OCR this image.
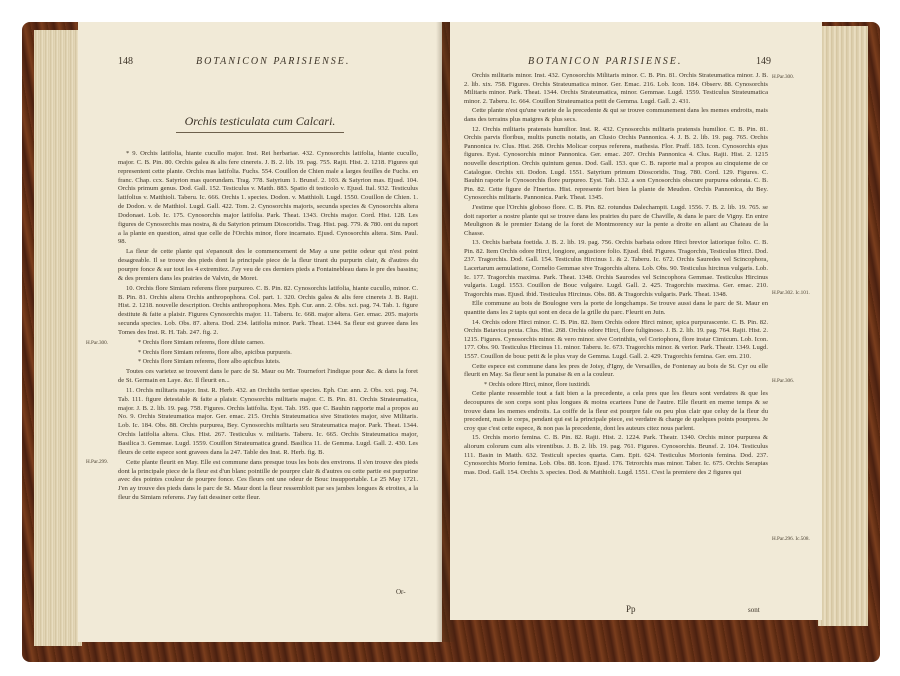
148	BOTANICON PARISIENSE.
Orchis testiculata cum Calcari.

* 9. Orchis latifolia, hiante cucullo major. Inst. Rei herbariae. 432. Cynosorchis latifolia, hiante cucullo, major. C. B. Pin. 80. Orchis galea & alis fere cinereis. J. B. 2. lib. 19. pag. 755. Rajii. Hist. 2. 1218. Figures qui representent cette plante. Orchis mas latifolia. Fuchs. 554. Couillon de Chien male a larges feuilles de Fuchs. en franc. Chap. ccx. Satyrion mas quorundam. Trag. 778. Satyrium 1. Brunsf. 2. 103. & Satyrion mas. Ejusd. 104. Orchis primum genus. Dod. Gall. 152. Testiculus v. Matth. 883. Spatio di testicolo v. Ejusd. Ital. 932. Testiculus latifolius v. Matthioli. Taberu. Ic. 666. Orchis 1. species. Dodon. v. Matthioli. Lugd. 1550. Couillon de Chien. 1. de Dodon. v. de Matthiol. Lugd. Gall. 422. Tom. 2. Cynosorchis majoris, secunda species & Cynosorchis altera Dodonaei. Lob. Ic. 175. Cynosorchis major latifolia. Park. Theat. 1343. Orchis major. Cord. Hist. 128. Les figures de Cynosorchis mas nostra, & du Satyrion primum Dioscoridis. Trag. Hist. pag. 779. & 780. ont du raport a la plante en question, ainsi que celle de l'Orchis minor, flore incarnato. Ejusd. Cynosorchis altera. Sim. Paul. 98.

La fleur de cette plante qui s'epanouit des le commencement de May a une petite odeur qui n'est point desagreable. Il se trouve des pieds dont la principale piece de la fleur tirant du purpurin clair, & d'autres du pourpre fonce & sur tout les 4 extremitez. J'ay veu de ces derniers pieds a Fontainebleau dans le pre des bassins; & des premiers dans les prairies de Valvin, de Moret.

10. Orchis flore Simiam referens flore purpureo. C. B. Pin. 82. Cynosorchis latifolia, hiante cucullo, minor. C. B. Pin. 81. Orchis altera Orchis anthropophora. Col. part. 1. 320. Orchis galea & alis fere cinereis J. B. Rajii. Hist. 2. 1218. nouvelle description. Orchis anthropophora. Mes. Eph. Cur. ann. 2. Obs. xci. pag. 74. Tab. 1. figure destitute & faite a plaisir. Figures Cynosorchis major. 11. Taberu. Ic. 668. major altera. Ger. emac. 205. majoris secunda species. Lob. Obs. 87. altera. Dod. 234. latifolia minor. Park. Theat. 1344. Sa fleur est gravee dans les Tomes des Inst. R. H. Tab. 247. fig. 2.

* Orchis flore Simiam referens, flore dilute carneo.

* Orchis flore Simiam referens, flore albo, apicibus purpureis.

* Orchis flore Simiam referens, flore albo apicibus luteis.

Toutes ces varietez se trouvent dans le parc de St. Maur ou Mr. Tournefort l'indique pour &c. & dans la foret de St. Germain en Laye. &c. Il fleurit en...

11. Orchis militaris major. Inst. R. Herb. 432. an Orchidis tertiae species. Eph. Cur. ann. 2. Obs. xxi. pag. 74. Tab. 111. figure detestable & faite a plaisir. Cynosorchis militaris major. C. B. Pin. 81. Orchis Strateumatica, major. J. B. 2. lib. 19. pag. 758. Figures. Orchis latifolia. Eyst. Tab. 195. que C. Bauhin rapporte mal a propos au No. 9. Orchis Strateumatica major. Ger. emac. 215. Orchis Strateumatica sive Stratiotes major, sive Militaris. Lob. Ic. 184. Obs. 88. Orchis purpurea, Bey. Cynosorchis militaris seu Strateumatica major. Park. Theat. 1344. Orchis latifolia altera. Clus. Hist. 267. Testiculus v. militaris. Taberu. Ic. 665. Orchis Strateumatica major, Basilica 3. Gemmae. Lugd. 1559. Couillon Strateumatica grand. Basilica 11. de Gemma. Lugd. Gall. 2. 430. Les fleurs de cette espece sont gravees dans la 247. Table des Inst. R. Herb. fig. B.

Cette plante fleurit en May. Elle est commune dans presque tous les bois des environs. Il s'en trouve des pieds dont la principale piece de la fleur est d'un blanc pointille de pourpre clair & d'autres ou cette partie est purpurine avec des pointes couleur de pourpre fonce. Ces fleurs ont une odeur de Bouc insupportable. Le 25 May 1721. J'en ay trouve des pieds dans le parc de St. Maur dont la fleur ressembloit par ses jambes longues & etroites, a la fleur du Simiam referens. J'ay fait dessiner cette fleur.

H.Par.300.
H.Par.299.
Or-
BOTANICON PARISIENSE.	149

Orchis militaris minor. Inst. 432. Cynosorchis Militaris minor. C. B. Pin. 81. Orchis Strateumatica minor. J. B. 2. lib. xix. 758. Figures. Orchis Strateumatica minor. Ger. Emac. 216. Lob. Icon. 184. Observ. 88. Cynosorchis Militaris minor. Park. Theat. 1344. Orchis Strateumatica, minor. Gemmae. Lugd. 1559. Testiculus Strateumatica minor. 2. Taberu. Ic. 664. Couillon Strateumatica petit de Gemma. Lugd. Gall. 2. 431.

Cette plante n'est qu'une variete de la precedente & qui se trouve communement dans les memes endroits, mais dans des terrains plus maigres & plus secs.

12. Orchis militaris pratensis humilior. Inst. R. 432. Cynosorchis militaris pratensis humilior. C. B. Pin. 81. Orchis parvis floribus, multis punctis notatis, an Clusio Orchis Pannonica. 4. J. B. 2. lib. 19. pag. 765. Orchis Pannonica iv. Clus. Hist. 268. Orchis Molicar corpus referens, mathesia. Flor. Praff. 183. Icon. Cynosorchis ejus figures. Eyst. Cynosorchis minor Pannonica. Ger. emac. 207. Orchis Pannonica 4. Clus. Rajii. Hist. 2. 1215 nouvelle description. Orchis quintum genus. Dod. Gall. 153. que C. B. raporte mal a propos au cinquieme de ce Catalogue. Orchis xii. Dodon. Lugd. 1551. Satyrium primum Dioscoridis. Trag. 780. Cord. 129. Figures. C. Bauhin raporte le Cynosorchis flore purpureo. Eyst. Tab. 132. a son Cynosorchis obscure purpurea odorata. C. B. Pin. 82. Cette figure de l'Inerius. Hist. represente fort bien la plante de Meudon. Orchis Pannonica, du Bey. Cynosorchis militaris. Pannonica. Park. Theat. 1345.

J'estime que l'Orchis globoso flore. C. B. Pin. 82. rotundus Dalechampii. Lugd. 1556. 7. B. 2. lib. 19. 765. se doit raporter a nostre plante qui se trouve dans les prairies du parc de Chaville, & dans le parc de Vigny. En entre Meulignon & le premier Estang de la foret de Montmorency sur la pente a droite en allant au Chateau de la Chasse.

13. Orchis barbata foetida. J. B. 2. lib. 19. pag. 756. Orchis barbata odore Hirci brevior latiorique folio. C. B. Pin. 82. Item Orchis odore Hirci, longiore, angustiore folio. Ejusd. ibid. Figures. Tragorchis, Testiculus Hirci. Dod. 237. Tragorchis. Dod. Gall. 154. Testiculus Hircinus 1. & 2. Taberu. Ic. 672. Orchis Sauredes vel Scincophora, Lacertarum aemulatione, Cornelio Gemmae sive Tragorchis altera. Lob. Obs. 90. Testiculus hircinus vulgaris. Lob. Ic. 177. Tragorchis maxima. Park. Theat. 1348. Orchis Saurodes vel Scincophora Gemmae. Testiculus Hircinus vulgaris. Lugd. 1553. Couillon de Bouc vulgaire. Lugd. Gall. 2. 425. Tragorchis maxima. Ger. emac. 210. Tragorchis mas. Ejusd. ibid. Testiculus Hircinus. Obs. 88. & Tragorchis vulgaris. Park. Theat. 1348.

Elle commune au bois de Boulogne vers la porte de longchamps. Se trouve aussi dans le parc de St. Maur en quantite dans les 2 tapis qui sont en deca de la grille du parc. Fleurit en Juin.

14. Orchis odore Hirci minor. C. B. Pin. 82. Item Orchis odore Hirci minor, spica purpurascente. C. B. Pin. 82. Orchis Batavica pexta. Clus. Hist. 268. Orchis odore Hirci, flore fuliginoso. J. B. 2. lib. 19. pag. 764. Rajii. Hist. 2. 1215. Figures. Cynosorchis minor. & vero minor. sive Corinthiis, vel Coriophora, flore instar Cimicum. Lob. Icon. 177. Obs. 90. Testiculus Hircinus 11. minor. Taberu. Ic. 673. Tragorchis minor. & verior. Park. Theatr. 1349. Lugd. 1557. Couillon de bouc petit & le plus vray de Gemma. Lugd. Gall. 2. 429. Tragorchis femina. Ger. em. 210.

Cette espece est commune dans les pres de Joisy, d'Igny, de Versailles, de Fontenay au bois de St. Cyr ou elle fleurit en May. Sa fleur sent la punaise & en a la couleur.

* Orchis odore Hirci, minor, flore iuxtiridi.

Cette plante ressemble tout a fait bien a la precedente, a cela pres que les fleurs sont verdatres & que les decoupures de son corps sont plus longues & moins ecartees l'une de l'autre. Elle fleurit en meme temps & se trouve dans les memes endroits. La coiffe de la fleur est pourpre fale ou peu plus clair que celuy de la fleur du precedent, mais le corps, pendant qui est la principale piece, est verdatre & charge de quelques points pourpres. Je croy que c'est cette espece, & non pas la precedente, dont les auteurs citez nous parlent.

15. Orchis morio femina. C. B. Pin. 82. Rajii. Hist. 2. 1224. Park. Theatr. 1340. Orchis minor purpurea & aliorum colorum cum alis virentibus. J. B. 2. lib. 19. pag. 761. Figures. Cynosorchis. Brunsf. 2. 104. Testiculus 111. Basin in Matth. 632. Testiculi species quarta. Cam. Epit. 624. Testiculus Morionis femina. Dod. 237. Cynosorchis Morio femina. Lob. Obs. 88. Icon. Ejusd. 176. Tetrorchis mas minor. Taber. Ic. 675. Orchis Serapias mas. Dod. Gall. 154. Orchis 3. species. Dod. & Matthioli. Lugd. 1551. C'est la premiere des 2 figures qui

H.Par.300.
H.Par.302. Ic.101.
H.Par.306.
H.Par.296. Ic.508.
Pp	sont
